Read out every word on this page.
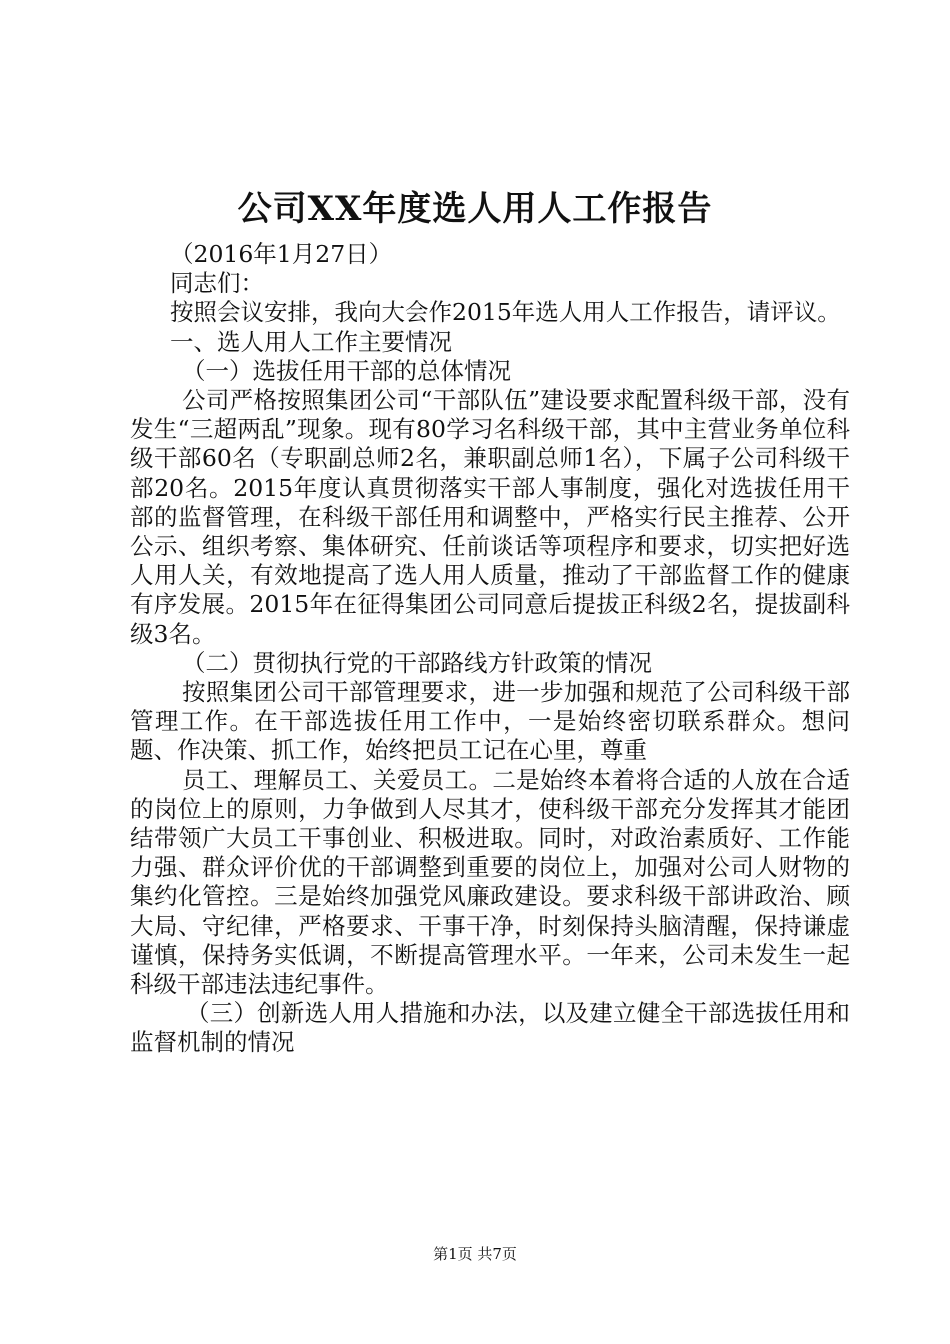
公司XX年度选人用人工作报告

（2016年1月27日）

同志们：

按照会议安排，我向大会作2015年选人用人工作报告，请评议。

一、选人用人工作主要情况

（一）选拔任用干部的总体情况

公司严格按照集团公司“干部队伍”建设要求配置科级干部，没有发生“三超两乱”现象。现有80学习名科级干部，其中主营业务单位科级干部60名（专职副总师2名，兼职副总师1名），下属子公司科级干部20名。2015年度认真贯彻落实干部人事制度，强化对选拔任用干部的监督管理，在科级干部任用和调整中，严格实行民主推荐、公开公示、组织考察、集体研究、任前谈话等项程序和要求，切实把好选人用人关，有效地提高了选人用人质量，推动了干部监督工作的健康有序发展。2015年在征得集团公司同意后提拔正科级2名，提拔副科级3名。

（二）贯彻执行党的干部路线方针政策的情况

按照集团公司干部管理要求，进一步加强和规范了公司科级干部管理工作。在干部选拔任用工作中，一是始终密切联系群众。想问题、作决策、抓工作，始终把员工记在心里，尊重

员工、理解员工、关爱员工。二是始终本着将合适的人放在合适的岗位上的原则，力争做到人尽其才，使科级干部充分发挥其才能团结带领广大员工干事创业、积极进取。同时，对政治素质好、工作能力强、群众评价优的干部调整到重要的岗位上，加强对公司人财物的集约化管控。三是始终加强党风廉政建设。要求科级干部讲政治、顾大局、守纪律，严格要求、干事干净，时刻保持头脑清醒，保持谦虚谨慎，保持务实低调，不断提高管理水平。一年来，公司未发生一起科级干部违法违纪事件。

（三）创新选人用人措施和办法，以及建立健全干部选拔任用和监督机制的情况

第1页 共7页
